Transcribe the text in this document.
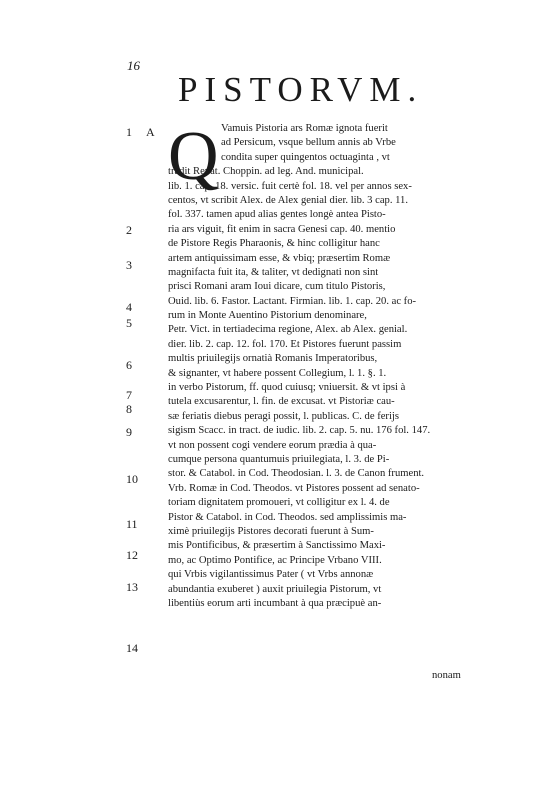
16
PISTORVM.
1 A
2
3
4
5
6
7
8
9
10
11
12
13
14
Q Vamuis Pistoria ars Romæ ignota fuerit
ad Persicum, vsque bellum annis ab Vrbe
condita super quingentos octuaginta , vt
tradit Renat. Choppin. ad leg. And. municipal.
lib. 1. cap. 18. versic. fuit certè fol. 18. vel per annos sex-
centos, vt scribit Alex. de Alex genial dier. lib. 3 cap. 11.
fol. 337. tamen apud alias gentes longè antea Pisto-
ria ars viguit, fit enim in sacra Genesi cap. 40. mentio
de Pistore Regis Pharaonis, & hinc colligitur hanc
artem antiquissimam esse, & vbiq; præsertim Romæ
magnifacta fuit ita, & taliter, vt dedignati non sint
prisci Romani aram Ioui dicare, cum titulo Pistoris,
Ouid. lib. 6. Fastor. Lactant. Firmian. lib. 1. cap. 20. ac fo-
rum in Monte Auentino Pistorium denominare,
Petr. Vict. in tertiadecima regione, Alex. ab Alex. genial.
dier. lib. 2. cap. 12. fol. 170. Et Pistores fuerunt passim
multis priuilegijs ornatià Romanis Imperatoribus,
& signanter, vt habere possent Collegium, l. 1. §. 1.
in verbo Pistorum, ff. quod cuiusq; vniuersit. & vt ipsi à
tutela excusarentur, l. fin. de excusat. vt Pistoriæ cau-
sæ feriatis diebus peragi possit, l. publicas. C. de ferijs
sigism Scacc. in tract. de iudic. lib. 2. cap. 5. nu. 176 fol. 147.
vt non possent cogi vendere eorum prædia à qua-
cumque persona quantumuis priuilegiata, l. 3. de Pi-
stor. & Catabol. in Cod. Theodosian. l. 3. de Canon frument.
Vrb. Romæ in Cod. Theodos. vt Pistores possent ad senato-
toriam dignitatem promoueri, vt colligitur ex l. 4. de
Pistor & Catabol. in Cod. Theodos. sed amplissimis ma-
ximè priuilegijs Pistores decorati fuerunt à Sum-
mis Pontificibus, & præsertim à Sanctissimo Maxi-
mo, ac Optimo Pontifice, ac Principe Vrbano VIII.
qui Vrbis vigilantissimus Pater ( vt Vrbs annonæ
abundantia exuberet ) auxit priuilegia Pistorum, vt
libentiùs eorum arti incumbant à qua præcipuè an-
nonam
